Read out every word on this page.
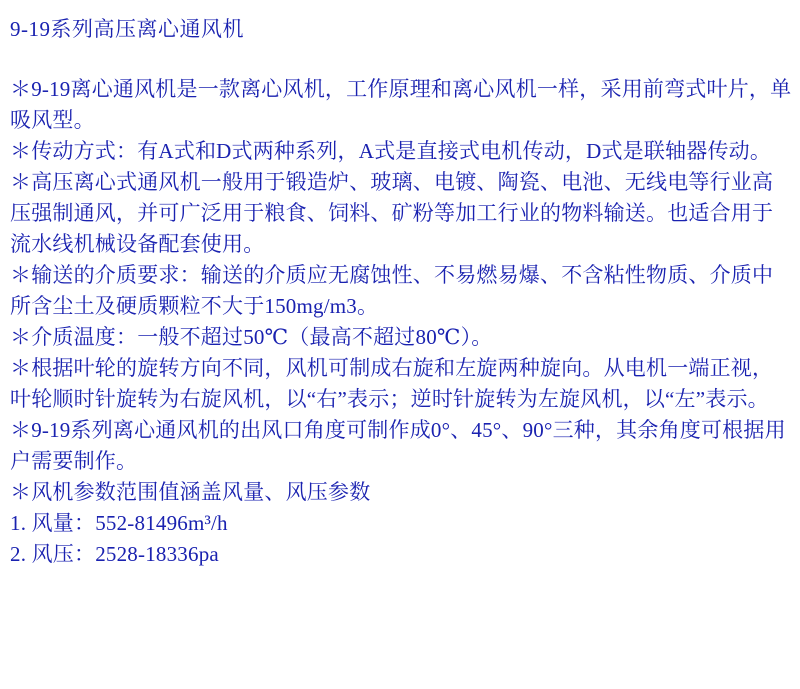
9-19系列高压离心通风机

＊9-19离心通风机是一款离心风机，工作原理和离心风机一样，采用前弯式叶片，单吸风型。

＊传动方式：有A式和D式两种系列，A式是直接式电机传动，D式是联轴器传动。

＊高压离心式通风机一般用于锻造炉、玻璃、电镀、陶瓷、电池、无线电等行业高压强制通风，并可广泛用于粮食、饲料、矿粉等加工行业的物料输送。也适合用于流水线机械设备配套使用。

＊输送的介质要求：输送的介质应无腐蚀性、不易燃易爆、不含粘性物质、介质中所含尘土及硬质颗粒不大于150mg/m3。

＊介质温度：一般不超过50℃（最高不超过80℃）。

＊根据叶轮的旋转方向不同，风机可制成右旋和左旋两种旋向。从电机一端正视，叶轮顺时针旋转为右旋风机，以“右”表示；逆时针旋转为左旋风机，以“左”表示。

＊9-19系列离心通风机的出风口角度可制作成0°、45°、90°三种，其余角度可根据用户需要制作。

＊风机参数范围值涵盖风量、风压参数

1. 风量：552-81496m³/h

2. 风压：2528-18336pa
